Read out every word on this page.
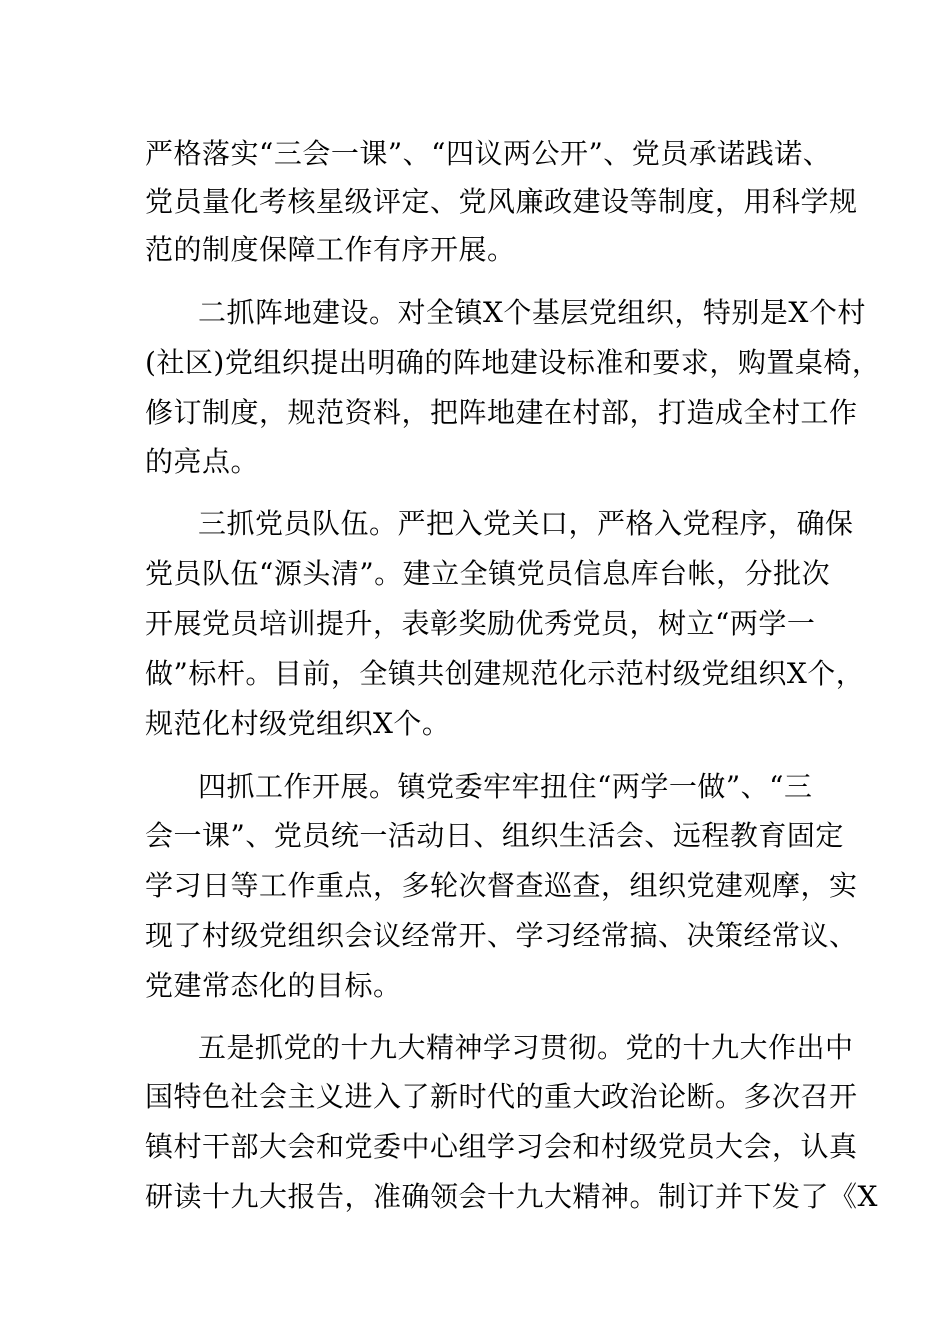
严格落实“三会一课”、“四议两公开”、党员承诺践诺、
党员量化考核星级评定、党风廉政建设等制度，用科学规
范的制度保障工作有序开展。
二抓阵地建设。对全镇X个基层党组织，特别是X个村
(社区)党组织提出明确的阵地建设标准和要求，购置桌椅，
修订制度，规范资料，把阵地建在村部，打造成全村工作
的亮点。
三抓党员队伍。严把入党关口，严格入党程序，确保
党员队伍“源头清”。建立全镇党员信息库台帐，分批次
开展党员培训提升，表彰奖励优秀党员，树立“两学一
做”标杆。目前，全镇共创建规范化示范村级党组织X个，
规范化村级党组织X个。
四抓工作开展。镇党委牢牢扭住“两学一做”、“三
会一课”、党员统一活动日、组织生活会、远程教育固定
学习日等工作重点，多轮次督查巡查，组织党建观摩，实
现了村级党组织会议经常开、学习经常搞、决策经常议、
党建常态化的目标。
五是抓党的十九大精神学习贯彻。党的十九大作出中
国特色社会主义进入了新时代的重大政治论断。多次召开
镇村干部大会和党委中心组学习会和村级党员大会，认真
研读十九大报告，准确领会十九大精神。制订并下发了《X
